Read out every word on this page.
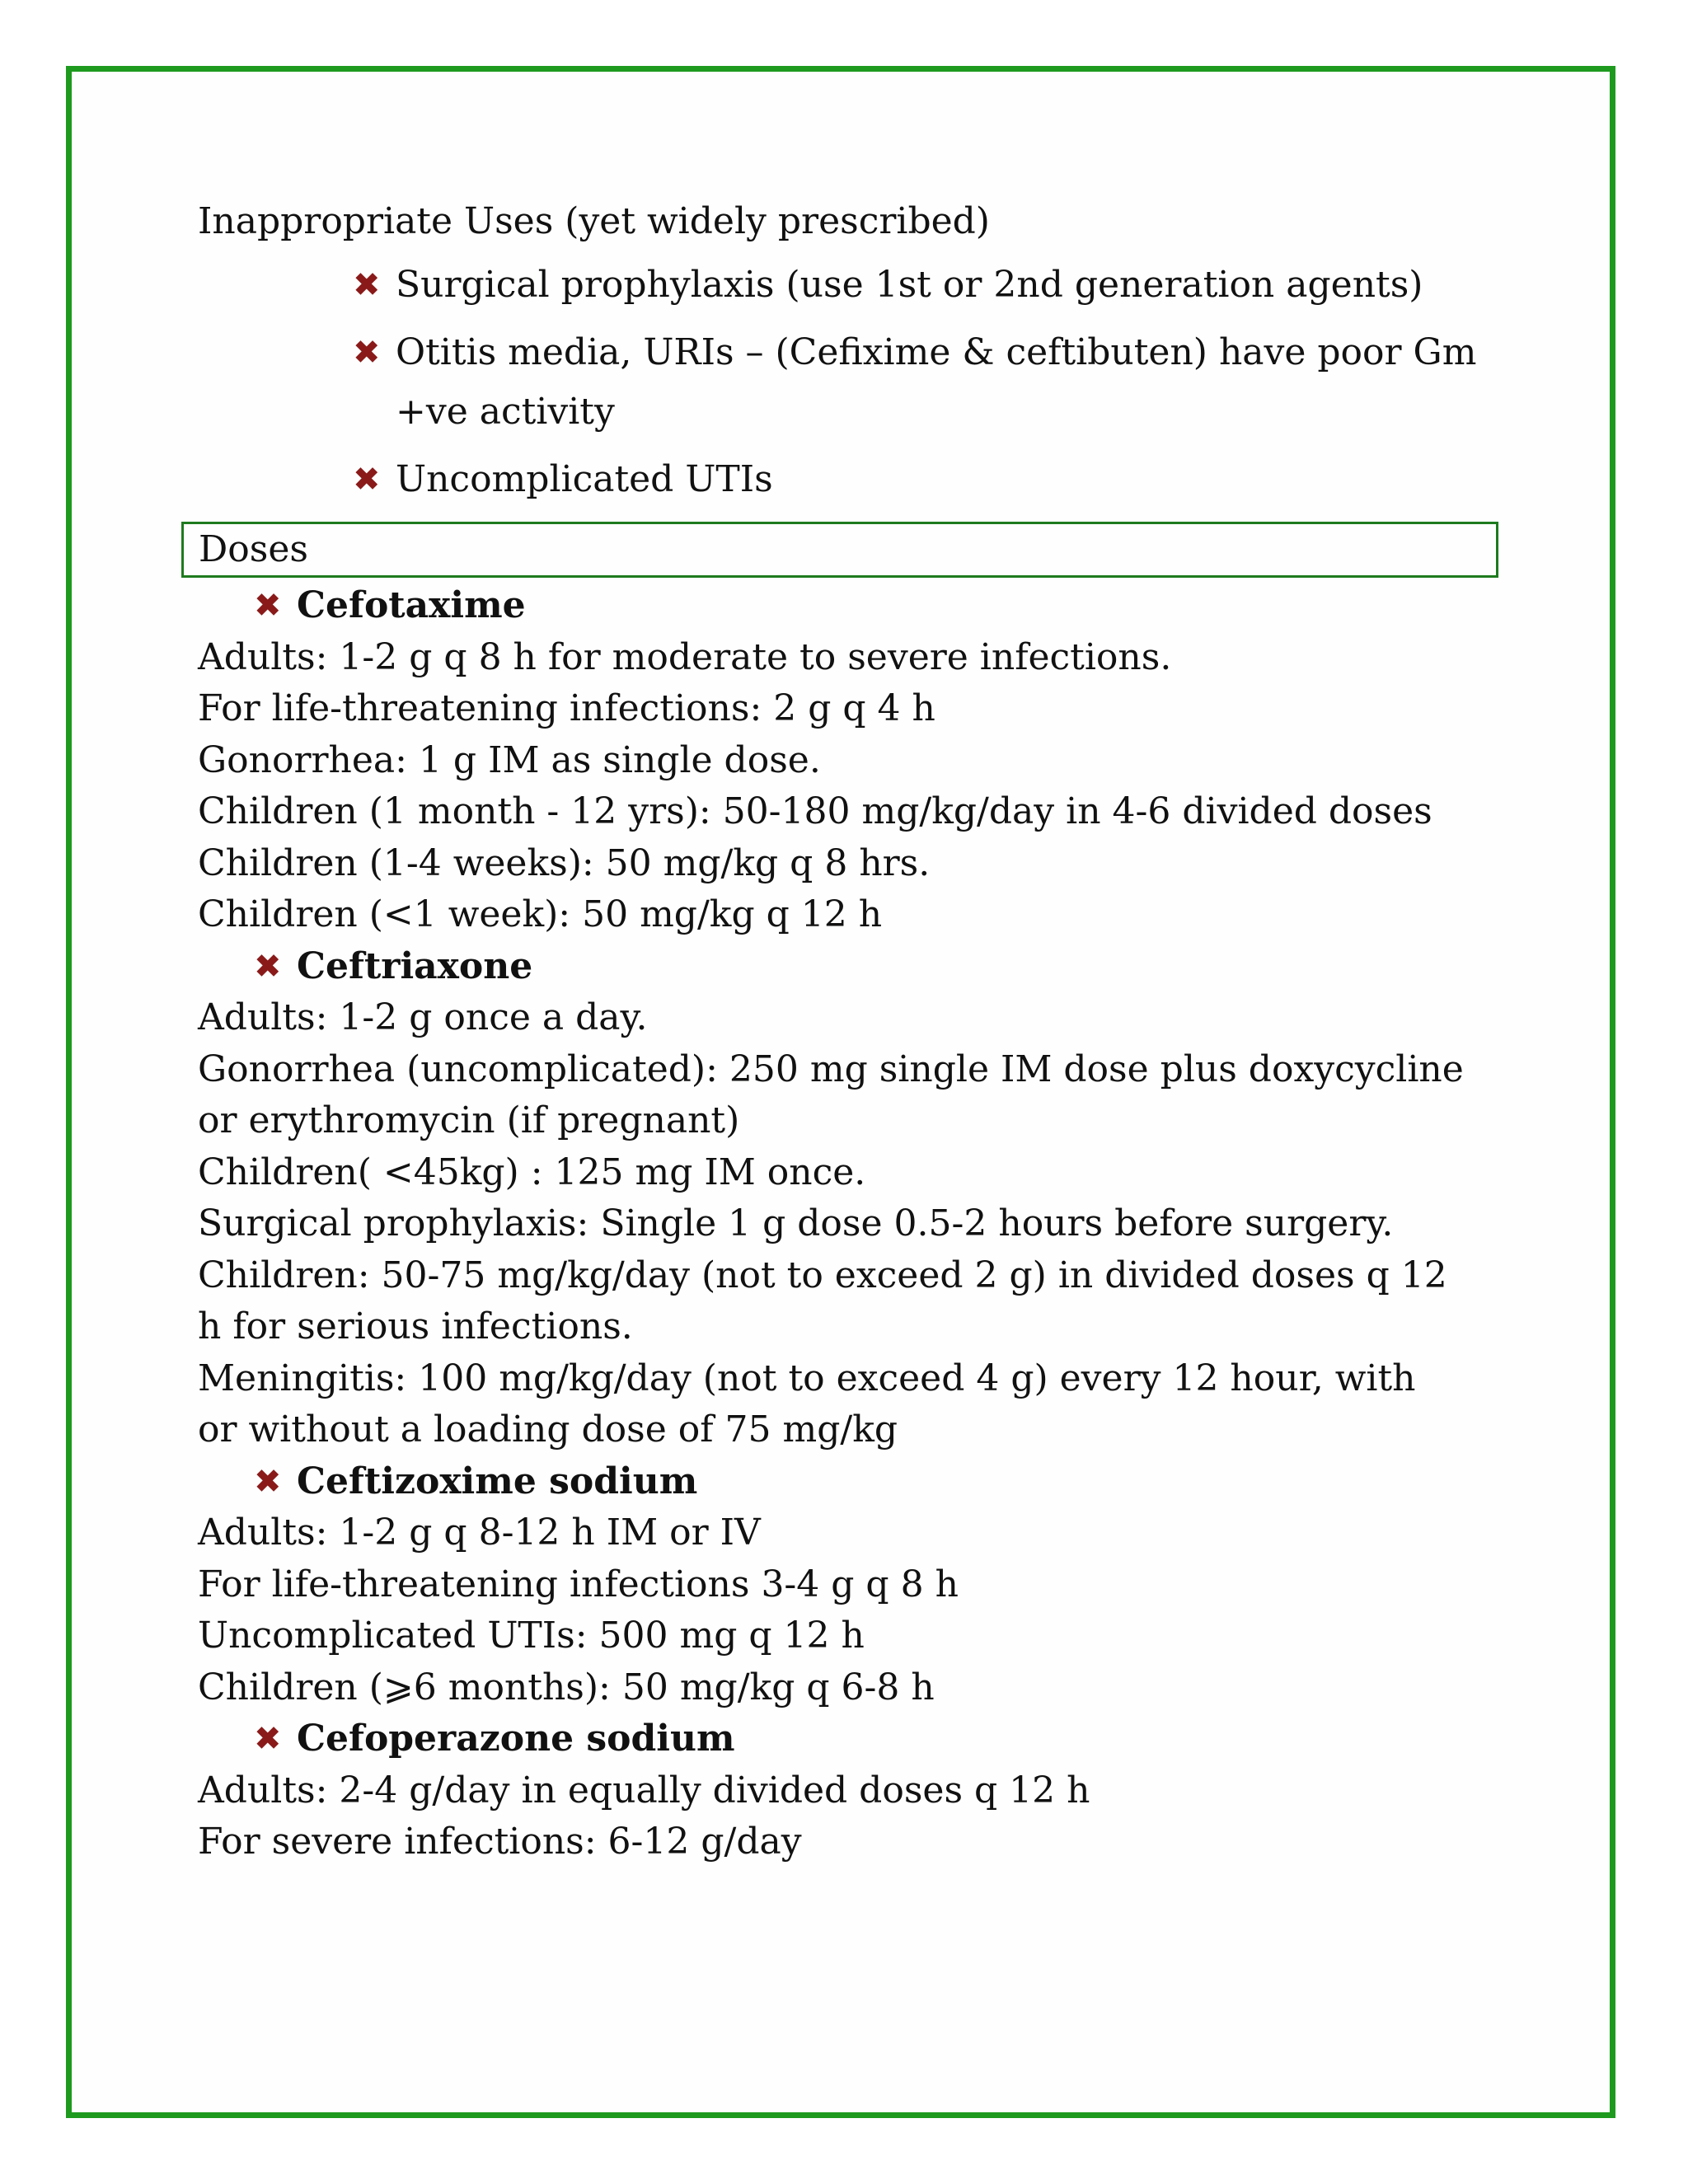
Inappropriate Uses (yet widely prescribed)

✖ Surgical prophylaxis (use 1st or 2nd generation agents)
✖ Otitis media, URIs – (Cefixime & ceftibuten) have poor Gm +ve activity
✖ Uncomplicated UTIs
Doses
✖ Cefotaxime

Adults: 1-2 g q 8 h for moderate to severe infections.

For life-threatening infections: 2 g q 4 h

Gonorrhea: 1 g IM as single dose.

Children (1 month - 12 yrs): 50-180 mg/kg/day in 4-6 divided doses

Children (1-4 weeks): 50 mg/kg q 8 hrs.

Children (<1 week): 50 mg/kg q 12 h

✖ Ceftriaxone

Adults: 1-2 g once a day.

Gonorrhea (uncomplicated): 250 mg single IM dose plus doxycycline

or erythromycin (if pregnant)

Children( <45kg) : 125 mg IM once.

Surgical prophylaxis: Single 1 g dose 0.5-2 hours before surgery.

Children: 50-75 mg/kg/day (not to exceed 2 g) in divided doses q 12

h for serious infections.

Meningitis: 100 mg/kg/day (not to exceed 4 g) every 12 hour, with

or without a loading dose of 75 mg/kg

✖ Ceftizoxime sodium

Adults: 1-2 g q 8-12 h IM or IV

For life-threatening infections 3-4 g q 8 h

Uncomplicated UTIs: 500 mg q 12 h

Children (⩾6 months): 50 mg/kg q 6-8 h

✖ Cefoperazone sodium

Adults: 2-4 g/day in equally divided doses q 12 h

For severe infections: 6-12 g/day
